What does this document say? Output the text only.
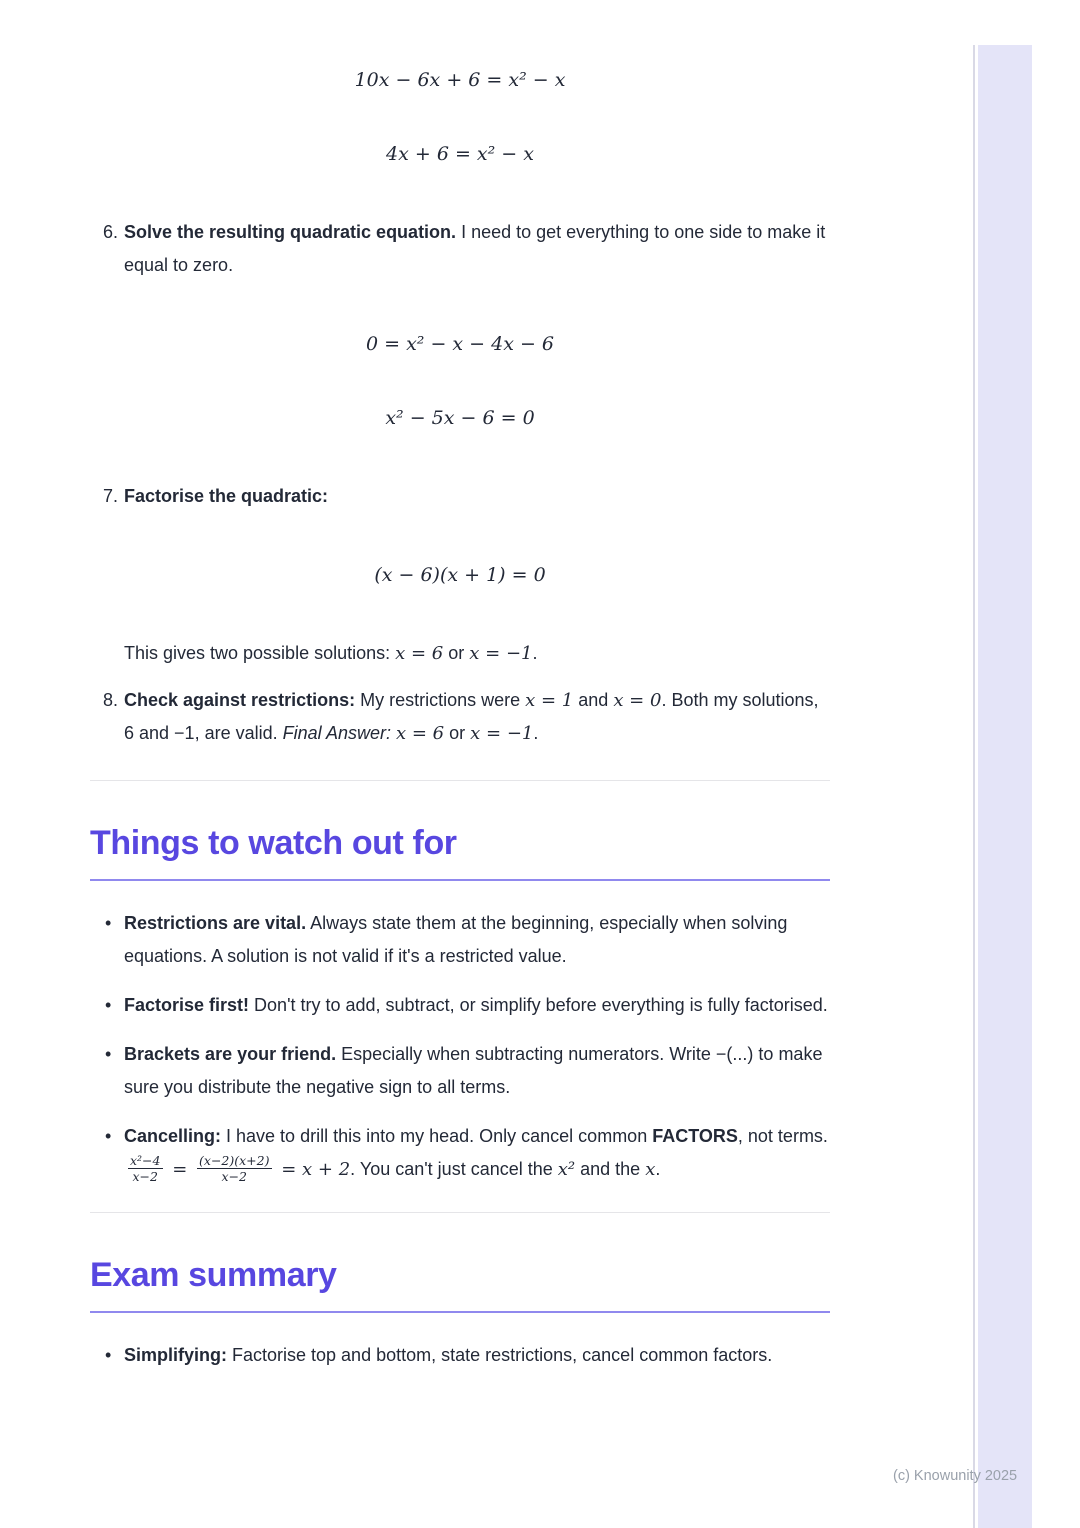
10x − 6x + 6 = x² − x
4x + 6 = x² − x
6. Solve the resulting quadratic equation. I need to get everything to one side to make it equal to zero.
0 = x² − x − 4x − 6
x² − 5x − 6 = 0
7. Factorise the quadratic:
(x − 6)(x + 1) = 0
This gives two possible solutions: x = 6 or x = −1.
8. Check against restrictions: My restrictions were x = 1 and x = 0. Both my solutions, 6 and −1, are valid. Final Answer: x = 6 or x = −1.
Things to watch out for
• Restrictions are vital. Always state them at the beginning, especially when solving equations. A solution is not valid if it's a restricted value.
• Factorise first! Don't try to add, subtract, or simplify before everything is fully factorised.
• Brackets are your friend. Especially when subtracting numerators. Write −(...) to make sure you distribute the negative sign to all terms.
• Cancelling: I have to drill this into my head. Only cancel common FACTORS, not terms.
$\frac{\text{x²−4}}{x-2} = \frac{(x-2)(x+2)}{x-2} = x + 2$. You can't just cancel the x² and the x.
Exam summary
• Simplifying: Factorise top and bottom, state restrictions, cancel common factors.
(c) Knowunity 2025
